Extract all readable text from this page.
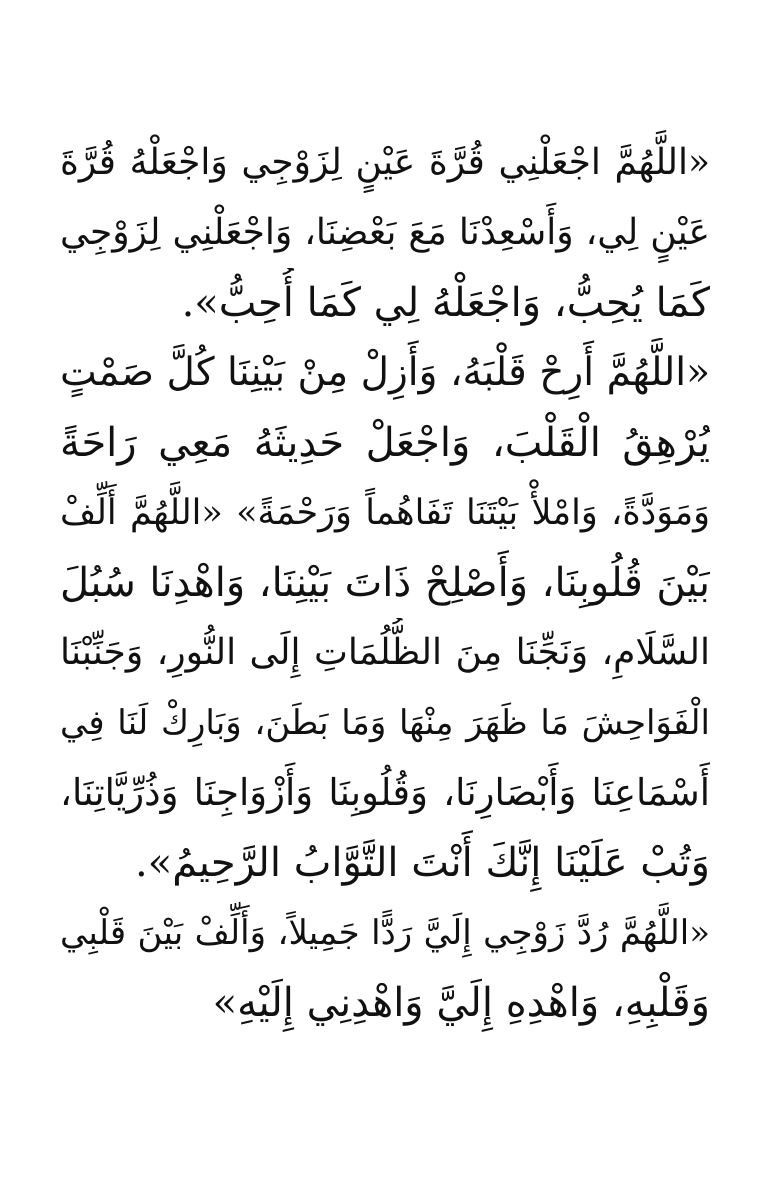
«اللَّهُمَّ اجْعَلْنِي قُرَّةَ عَيْنٍ لِزَوْجِي وَاجْعَلْهُ قُرَّةَ
عَيْنٍ لِي، وَأَسْعِدْنَا مَعَ بَعْضِنَا، وَاجْعَلْنِي لِزَوْجِي
كَمَا يُحِبُّ، وَاجْعَلْهُ لِي كَمَا أُحِبُّ».
«اللَّهُمَّ أَرِحْ قَلْبَهُ، وَأَزِلْ مِنْ بَيْنِنَا كُلَّ صَمْتٍ
يُرْهِقُ الْقَلْبَ، وَاجْعَلْ حَدِيثَهُ مَعِي رَاحَةً
وَمَوَدَّةً، وَامْلأْ بَيْتَنَا تَفَاهُماً وَرَحْمَةً» «اللَّهُمَّ أَلِّفْ
بَيْنَ قُلُوبِنَا، وَأَصْلِحْ ذَاتَ بَيْنِنَا، وَاهْدِنَا سُبُلَ
السَّلَامِ، وَنَجِّنَا مِنَ الظُّلُمَاتِ إِلَى النُّورِ، وَجَنِّبْنَا
الْفَوَاحِشَ مَا ظَهَرَ مِنْهَا وَمَا بَطَنَ، وَبَارِكْ لَنَا فِي
أَسْمَاعِنَا وَأَبْصَارِنَا، وَقُلُوبِنَا وَأَزْوَاجِنَا وَذُرِّيَّاتِنَا،
وَتُبْ عَلَيْنَا إِنَّكَ أَنْتَ التَّوَّابُ الرَّحِيمُ».
«اللَّهُمَّ رُدَّ زَوْجِي إِلَيَّ رَدًّا جَمِيلاً، وَأَلِّفْ بَيْنَ قَلْبِي
وَقَلْبِهِ، وَاهْدِهِ إِلَيَّ وَاهْدِنِي إِلَيْهِ»
